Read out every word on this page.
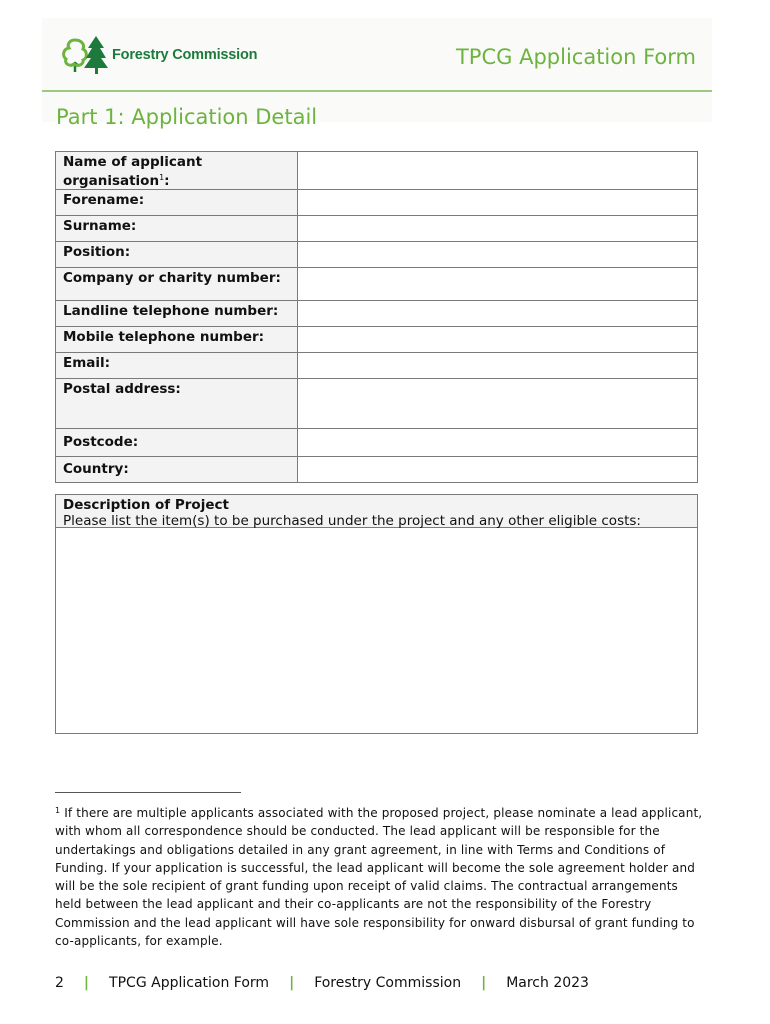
Forestry Commission	TPCG Application Form
Part 1: Application Detail
Name of applicant organisation$^1$:	
Forename:	
Surname:	
Position:	
Company or charity number:	
Landline telephone number:	
Mobile telephone number:	
Email:	
Postal address:	
Postcode:	
Country:	
Description of Project
Please list the item(s) to be purchased under the project and any other eligible costs:
$^1$ If there are multiple applicants associated with the proposed project, please nominate a lead applicant, with whom all correspondence should be conducted. The lead applicant will be responsible for the undertakings and obligations detailed in any grant agreement, in line with Terms and Conditions of Funding. If your application is successful, the lead applicant will become the sole agreement holder and will be the sole recipient of grant funding upon receipt of valid claims. The contractual arrangements held between the lead applicant and their co-applicants are not the responsibility of the Forestry Commission and the lead applicant will have sole responsibility for onward disbursal of grant funding to co-applicants, for example.
2 | TPCG Application Form | Forestry Commission | March 2023
